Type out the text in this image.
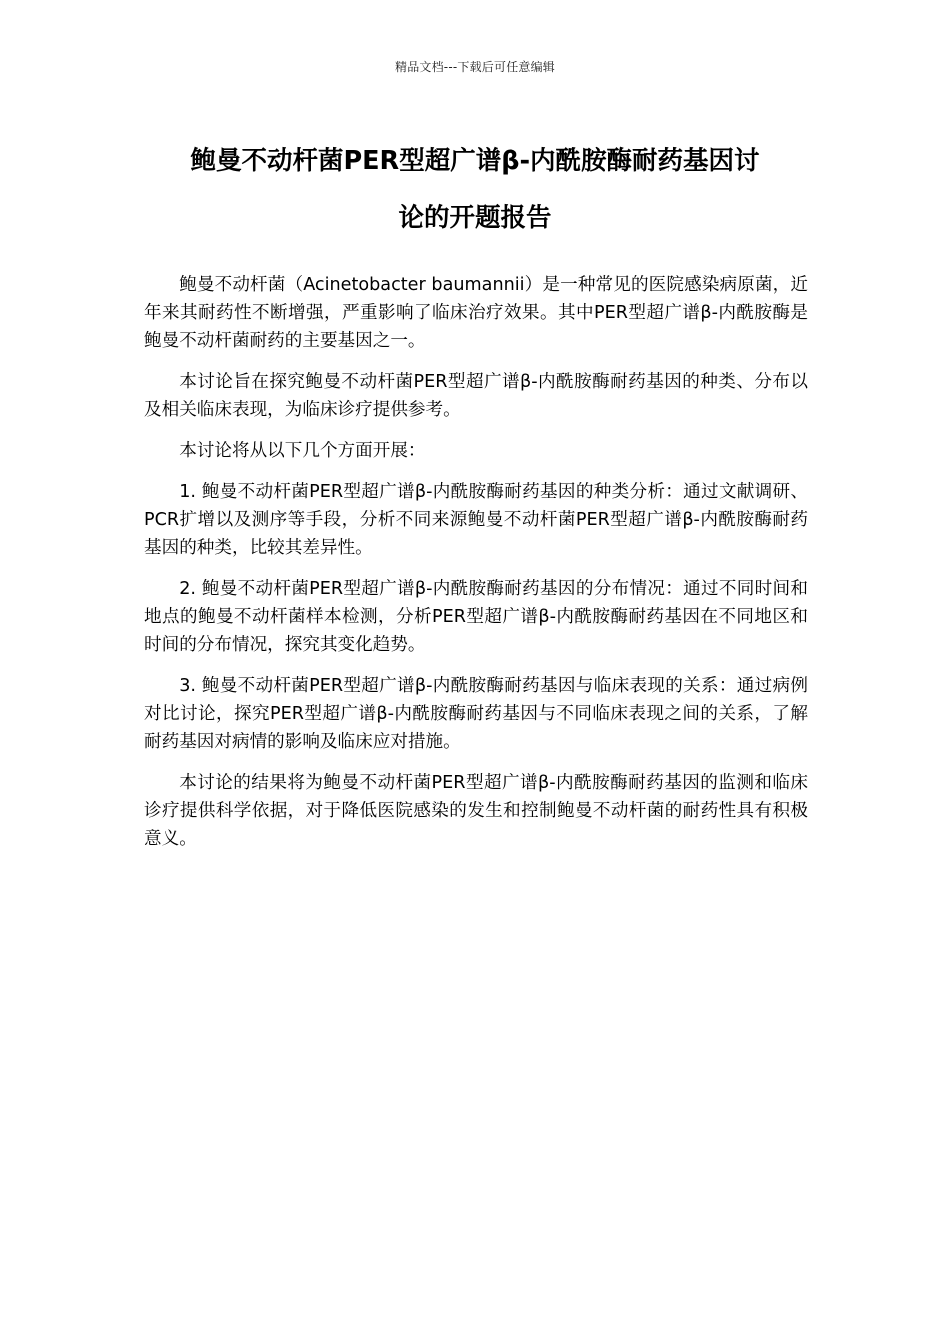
精品文档---下载后可任意编辑
鲍曼不动杆菌PER型超广谱β-内酰胺酶耐药基因讨
论的开题报告

鲍曼不动杆菌（Acinetobacter baumannii）是一种常见的医院感染病原菌，近年来其耐药性不断增强，严重影响了临床治疗效果。其中PER型超广谱β-内酰胺酶是鲍曼不动杆菌耐药的主要基因之一。

本讨论旨在探究鲍曼不动杆菌PER型超广谱β-内酰胺酶耐药基因的种类、分布以及相关临床表现，为临床诊疗提供参考。

本讨论将从以下几个方面开展：

1. 鲍曼不动杆菌PER型超广谱β-内酰胺酶耐药基因的种类分析：通过文献调研、PCR扩增以及测序等手段，分析不同来源鲍曼不动杆菌PER型超广谱β-内酰胺酶耐药基因的种类，比较其差异性。

2. 鲍曼不动杆菌PER型超广谱β-内酰胺酶耐药基因的分布情况：通过不同时间和地点的鲍曼不动杆菌样本检测，分析PER型超广谱β-内酰胺酶耐药基因在不同地区和时间的分布情况，探究其变化趋势。

3. 鲍曼不动杆菌PER型超广谱β-内酰胺酶耐药基因与临床表现的关系：通过病例对比讨论，探究PER型超广谱β-内酰胺酶耐药基因与不同临床表现之间的关系，了解耐药基因对病情的影响及临床应对措施。

本讨论的结果将为鲍曼不动杆菌PER型超广谱β-内酰胺酶耐药基因的监测和临床诊疗提供科学依据，对于降低医院感染的发生和控制鲍曼不动杆菌的耐药性具有积极意义。
